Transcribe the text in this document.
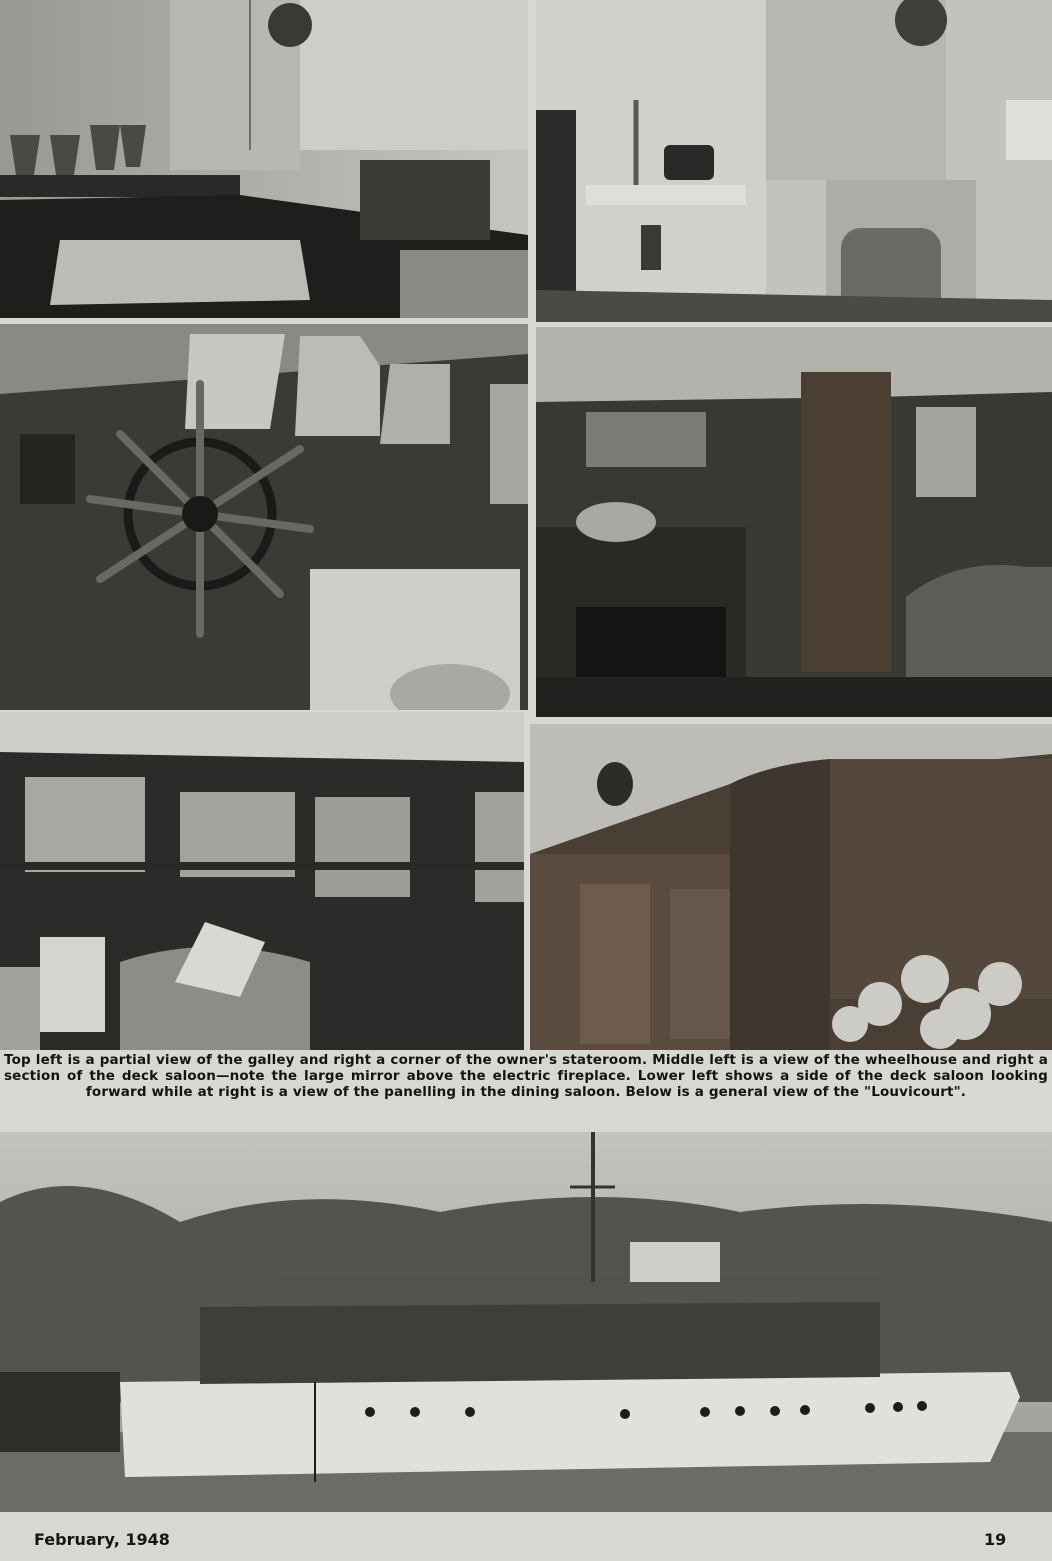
Top left is a partial view of the galley and right a corner of the owner's stateroom. Middle left is a view of the wheelhouse and right a section of the deck saloon—note the large mirror above the electric fireplace. Lower left shows a side of the deck saloon looking forward while at right is a view of the panelling in the dining saloon. Below is a general view of the "Louvicourt".
February, 1948	19
